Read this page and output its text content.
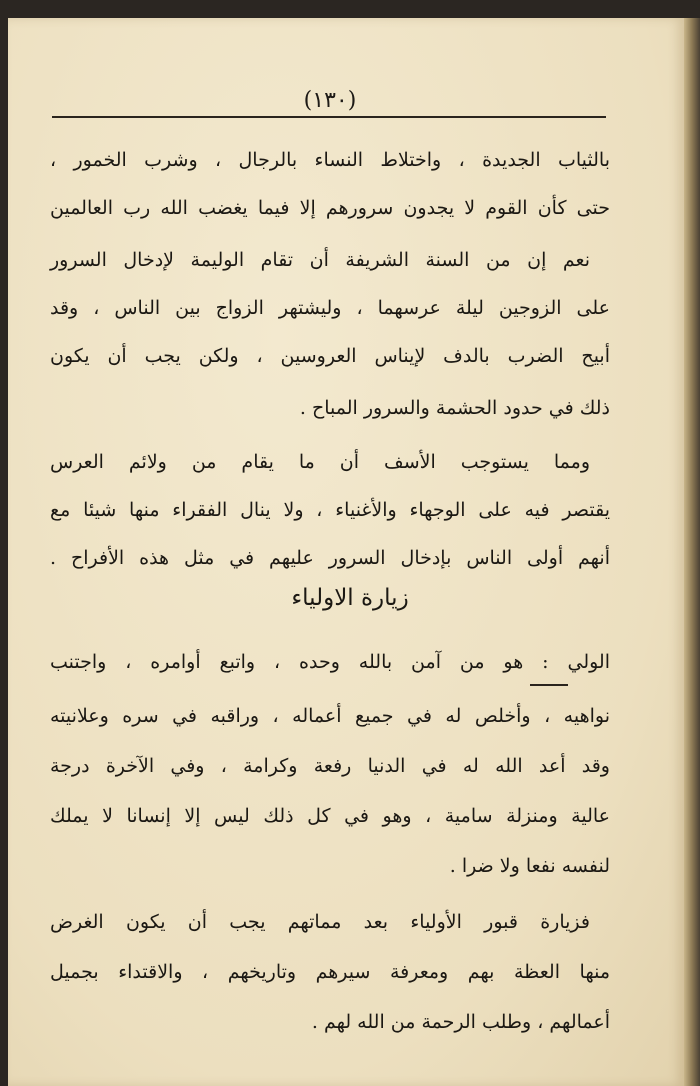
(١٣٠)
بالثياب الجديدة ، واختلاط النساء بالرجال ، وشرب الخمور ،
حتى كأن القوم لا يجدون سرورهم إلا فيما يغضب الله رب العالمين
نعم إن من السنة الشريفة أن تقام الوليمة لإدخال السرور
على الزوجين ليلة عرسهما ، وليشتهر الزواج بين الناس ، وقد
أبيح الضرب بالدف لإيناس العروسين ، ولكن يجب أن يكون
ذلك في حدود الحشمة والسرور المباح .
ومما يستوجب الأسف أن ما يقام من ولائم العرس
يقتصر فيه على الوجهاء والأغنياء ، ولا ينال الفقراء منها شيئا مع
أنهم أولى الناس بإدخال السرور عليهم في مثل هذه الأفراح .
زيارة الاولياء
الولي : هو من آمن بالله وحده ، واتبع أوامره ، واجتنب
نواهيه ، وأخلص له في جميع أعماله ، وراقبه في سره وعلانيته
وقد أعد الله له في الدنيا رفعة وكرامة ، وفي الآخرة درجة
عالية ومنزلة سامية ، وهو في كل ذلك ليس إلا إنسانا لا يملك
لنفسه نفعا ولا ضرا .
فزيارة قبور الأولياء بعد مماتهم يجب أن يكون الغرض
منها العظة بهم ومعرفة سيرهم وتاريخهم ، والاقتداء بجميل
أعمالهم ، وطلب الرحمة من الله لهم .
